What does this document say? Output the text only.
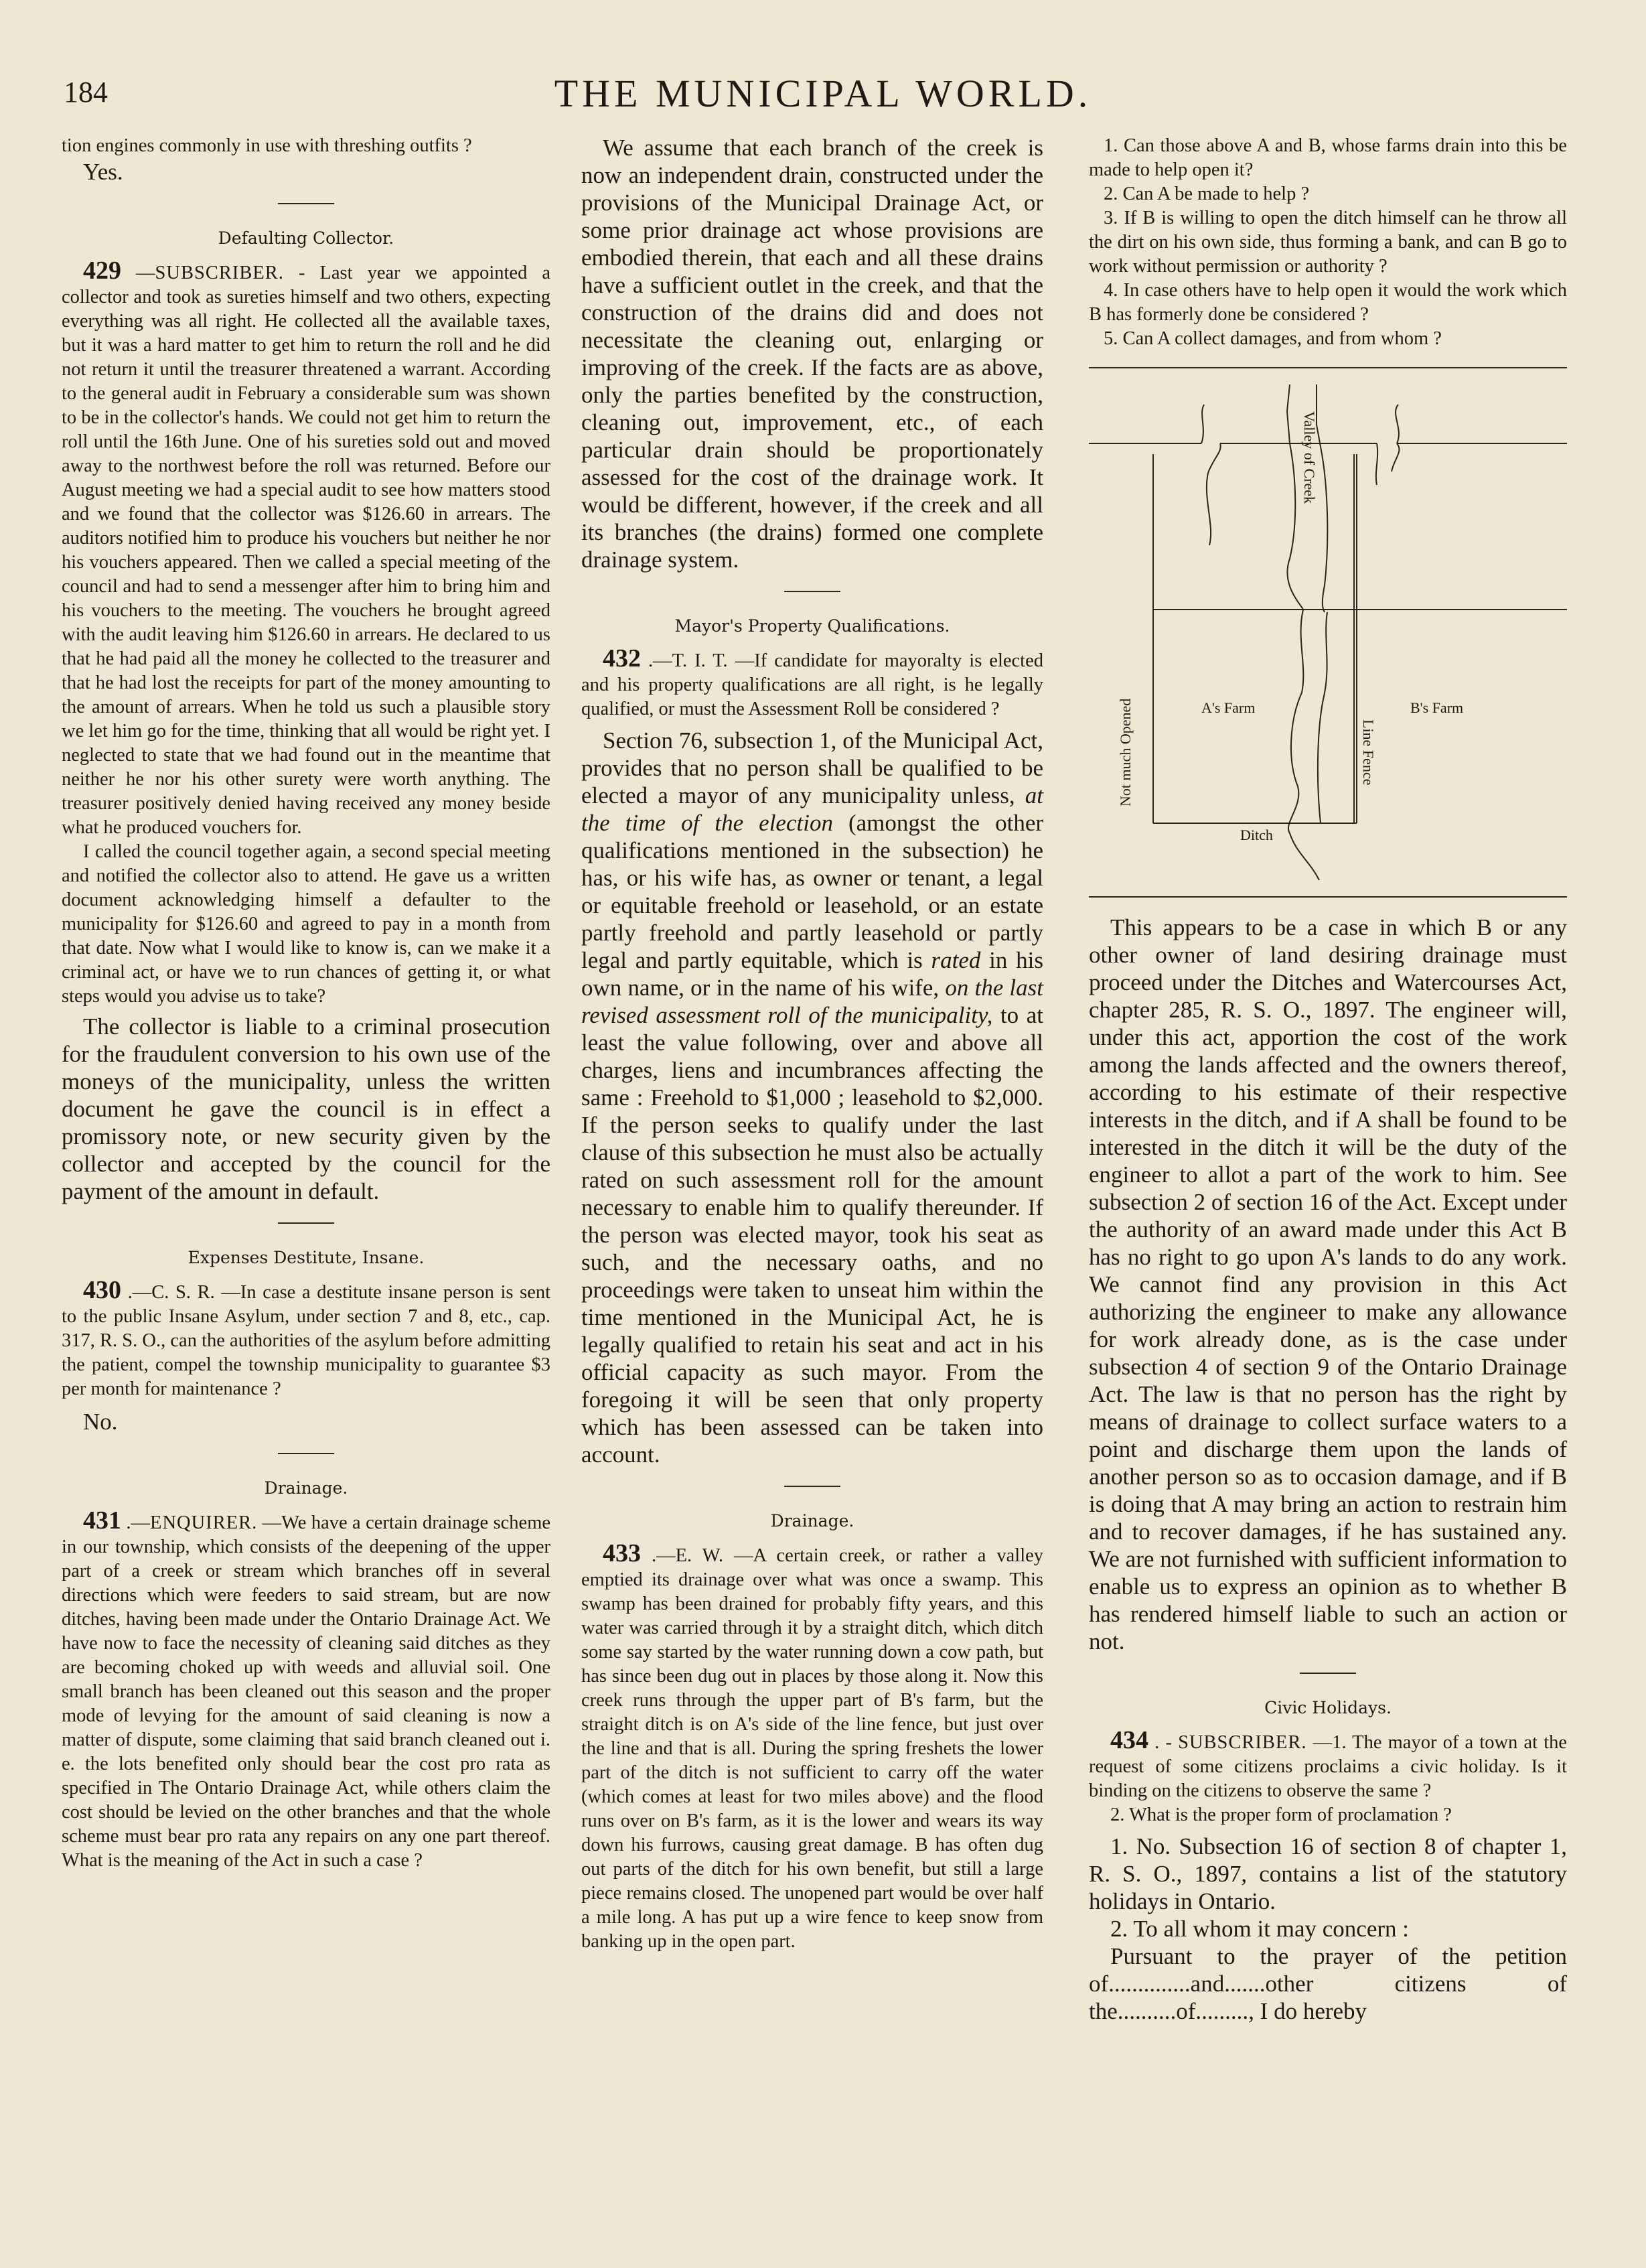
184	THE MUNICIPAL WORLD.

tion engines commonly in use with threshing outfits ?

Yes.

Defaulting Collector.

429 —SUBSCRIBER. - Last year we appointed a collector and took as sureties himself and two others, expecting everything was all right. He collected all the available taxes, but it was a hard matter to get him to return the roll and he did not return it until the treasurer threatened a warrant. According to the general audit in February a considerable sum was shown to be in the collector's hands. We could not get him to return the roll until the 16th June. One of his sureties sold out and moved away to the northwest before the roll was returned. Before our August meeting we had a special audit to see how matters stood and we found that the collector was $126.60 in arrears. The auditors notified him to produce his vouchers but neither he nor his vouchers appeared. Then we called a special meeting of the council and had to send a messenger after him to bring him and his vouchers to the meeting. The vouchers he brought agreed with the audit leaving him $126.60 in arrears. He declared to us that he had paid all the money he collected to the treasurer and that he had lost the receipts for part of the money amounting to the amount of arrears. When he told us such a plausible story we let him go for the time, thinking that all would be right yet. I neglected to state that we had found out in the meantime that neither he nor his other surety were worth anything. The treasurer positively denied having received any money beside what he produced vouchers for.

I called the council together again, a second special meeting and notified the collector also to attend. He gave us a written document acknowledging himself a defaulter to the municipality for $126.60 and agreed to pay in a month from that date. Now what I would like to know is, can we make it a criminal act, or have we to run chances of getting it, or what steps would you advise us to take?

The collector is liable to a criminal prosecution for the fraudulent conversion to his own use of the moneys of the municipality, unless the written document he gave the council is in effect a promissory note, or new security given by the collector and accepted by the council for the payment of the amount in default.

Expenses Destitute, Insane.

430 .—C. S. R. —In case a destitute insane person is sent to the public Insane Asylum, under section 7 and 8, etc., cap. 317, R. S. O., can the authorities of the asylum before admitting the patient, compel the township municipality to guarantee $3 per month for maintenance ?

No.

Drainage.

431 .—ENQUIRER. —We have a certain drainage scheme in our township, which consists of the deepening of the upper part of a creek or stream which branches off in several directions which were feeders to said stream, but are now ditches, having been made under the Ontario Drainage Act. We have now to face the necessity of cleaning said ditches as they are becoming choked up with weeds and alluvial soil. One small branch has been cleaned out this season and the proper mode of levying for the amount of said cleaning is now a matter of dispute, some claiming that said branch cleaned out i. e. the lots benefited only should bear the cost pro rata as specified in The Ontario Drainage Act, while others claim the cost should be levied on the other branches and that the whole scheme must bear pro rata any repairs on any one part thereof. What is the meaning of the Act in such a case ?

We assume that each branch of the creek is now an independent drain, constructed under the provisions of the Municipal Drainage Act, or some prior drainage act whose provisions are embodied therein, that each and all these drains have a sufficient outlet in the creek, and that the construction of the drains did and does not necessitate the cleaning out, enlarging or improving of the creek. If the facts are as above, only the parties benefited by the construction, cleaning out, improvement, etc., of each particular drain should be proportionately assessed for the cost of the drainage work. It would be different, however, if the creek and all its branches (the drains) formed one complete drainage system.

Mayor's Property Qualifications.

432 .—T. I. T. —If candidate for mayoralty is elected and his property qualifications are all right, is he legally qualified, or must the Assessment Roll be considered ?

Section 76, subsection 1, of the Municipal Act, provides that no person shall be qualified to be elected a mayor of any municipality unless, at the time of the election (amongst the other qualifications mentioned in the subsection) he has, or his wife has, as owner or tenant, a legal or equitable freehold or leasehold, or an estate partly freehold and partly leasehold or partly legal and partly equitable, which is rated in his own name, or in the name of his wife, on the last revised assessment roll of the municipality, to at least the value following, over and above all charges, liens and incumbrances affecting the same : Freehold to $1,000 ; leasehold to $2,000. If the person seeks to qualify under the last clause of this subsection he must also be actually rated on such assessment roll for the amount necessary to enable him to qualify thereunder. If the person was elected mayor, took his seat as such, and the necessary oaths, and no proceedings were taken to unseat him within the time mentioned in the Municipal Act, he is legally qualified to retain his seat and act in his official capacity as such mayor. From the foregoing it will be seen that only property which has been assessed can be taken into account.

Drainage.

433 .—E. W. —A certain creek, or rather a valley emptied its drainage over what was once a swamp. This swamp has been drained for probably fifty years, and this water was carried through it by a straight ditch, which ditch some say started by the water running down a cow path, but has since been dug out in places by those along it. Now this creek runs through the upper part of B's farm, but the straight ditch is on A's side of the line fence, but just over the line and that is all. During the spring freshets the lower part of the ditch is not sufficient to carry off the water (which comes at least for two miles above) and the flood runs over on B's farm, as it is the lower and wears its way down his furrows, causing great damage. B has often dug out parts of the ditch for his own benefit, but still a large piece remains closed. The unopened part would be over half a mile long. A has put up a wire fence to keep snow from banking up in the open part.

1. Can those above A and B, whose farms drain into this be made to help open it?

2. Can A be made to help ?

3. If B is willing to open the ditch himself can he throw all the dirt on his own side, thus forming a bank, and can B go to work without permission or authority ?

4. In case others have to help open it would the work which B has formerly done be considered ?

5. Can A collect damages, and from whom ?

Valley of Creek
A's Farm	B's Farm
Not much Opened	Line Fence
Ditch

This appears to be a case in which B or any other owner of land desiring drainage must proceed under the Ditches and Watercourses Act, chapter 285, R. S. O., 1897. The engineer will, under this act, apportion the cost of the work among the lands affected and the owners thereof, according to his estimate of their respective interests in the ditch, and if A shall be found to be interested in the ditch it will be the duty of the engineer to allot a part of the work to him. See subsection 2 of section 16 of the Act. Except under the authority of an award made under this Act B has no right to go upon A's lands to do any work. We cannot find any provision in this Act authorizing the engineer to make any allowance for work already done, as is the case under subsection 4 of section 9 of the Ontario Drainage Act. The law is that no person has the right by means of drainage to collect surface waters to a point and discharge them upon the lands of another person so as to occasion damage, and if B is doing that A may bring an action to restrain him and to recover damages, if he has sustained any. We are not furnished with sufficient information to enable us to express an opinion as to whether B has rendered himself liable to such an action or not.

Civic Holidays.

434 . - SUBSCRIBER. —1. The mayor of a town at the request of some citizens proclaims a civic holiday. Is it binding on the citizens to observe the same ?

2. What is the proper form of proclamation ?

1. No. Subsection 16 of section 8 of chapter 1, R. S. O., 1897, contains a list of the statutory holidays in Ontario.

2. To all whom it may concern :

Pursuant to the prayer of the petition of..............and.......other citizens of the..........of........., I do hereby
